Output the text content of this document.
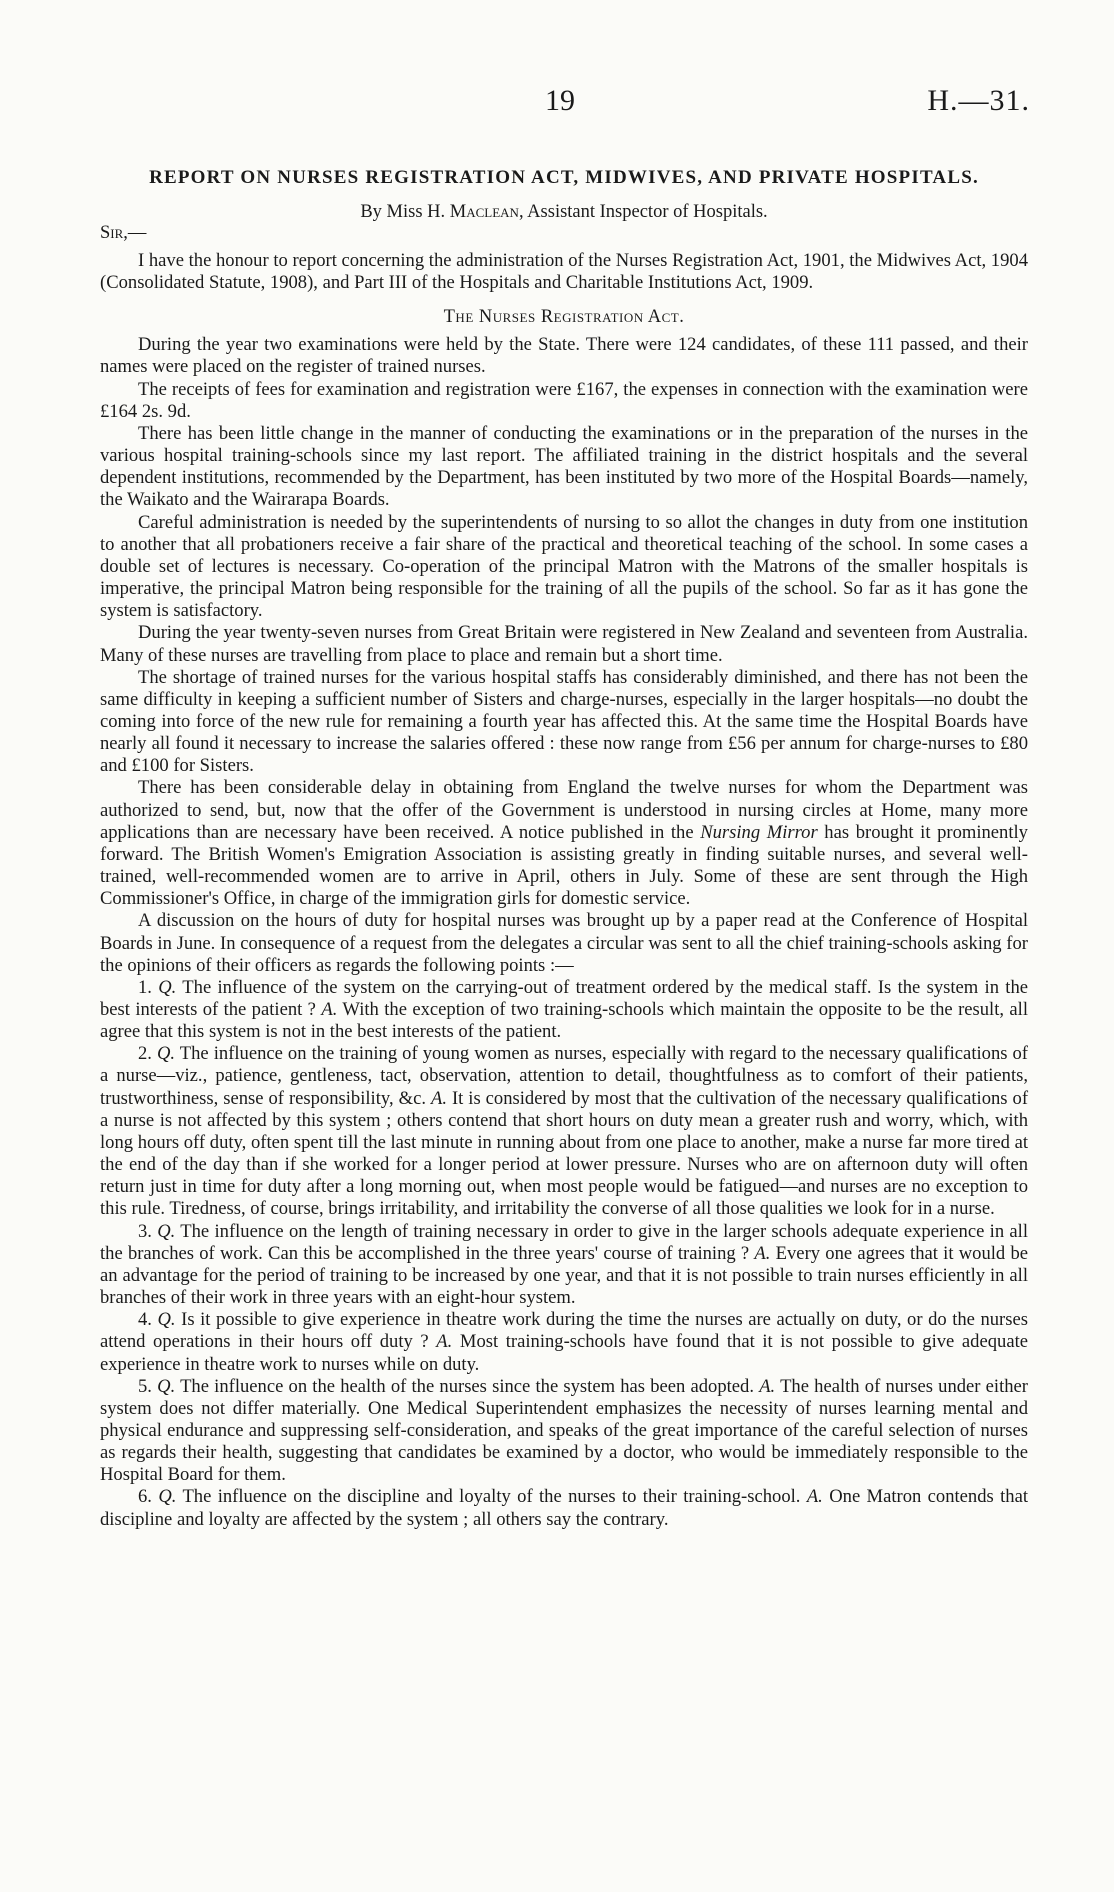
19	H.—31.
REPORT ON NURSES REGISTRATION ACT, MIDWIVES, AND PRIVATE HOSPITALS.

By Miss H. Maclean, Assistant Inspector of Hospitals.

Sir,—

I have the honour to report concerning the administration of the Nurses Registration Act, 1901, the Midwives Act, 1904 (Consolidated Statute, 1908), and Part III of the Hospitals and Charitable Institutions Act, 1909.

The Nurses Registration Act.

During the year two examinations were held by the State. There were 124 candidates, of these 111 passed, and their names were placed on the register of trained nurses.

The receipts of fees for examination and registration were £167, the expenses in connection with the examination were £164 2s. 9d.

There has been little change in the manner of conducting the examinations or in the preparation of the nurses in the various hospital training-schools since my last report. The affiliated training in the district hospitals and the several dependent institutions, recommended by the Department, has been instituted by two more of the Hospital Boards—namely, the Waikato and the Wairarapa Boards.

Careful administration is needed by the superintendents of nursing to so allot the changes in duty from one institution to another that all probationers receive a fair share of the practical and theoretical teaching of the school. In some cases a double set of lectures is necessary. Co-operation of the principal Matron with the Matrons of the smaller hospitals is imperative, the principal Matron being responsible for the training of all the pupils of the school. So far as it has gone the system is satisfactory.

During the year twenty-seven nurses from Great Britain were registered in New Zealand and seventeen from Australia. Many of these nurses are travelling from place to place and remain but a short time.

The shortage of trained nurses for the various hospital staffs has considerably diminished, and there has not been the same difficulty in keeping a sufficient number of Sisters and charge-nurses, especially in the larger hospitals—no doubt the coming into force of the new rule for remaining a fourth year has affected this. At the same time the Hospital Boards have nearly all found it necessary to increase the salaries offered : these now range from £56 per annum for charge-nurses to £80 and £100 for Sisters.

There has been considerable delay in obtaining from England the twelve nurses for whom the Department was authorized to send, but, now that the offer of the Government is understood in nursing circles at Home, many more applications than are necessary have been received. A notice published in the Nursing Mirror has brought it prominently forward. The British Women's Emigration Association is assisting greatly in finding suitable nurses, and several well-trained, well-recommended women are to arrive in April, others in July. Some of these are sent through the High Commissioner's Office, in charge of the immigration girls for domestic service.

A discussion on the hours of duty for hospital nurses was brought up by a paper read at the Conference of Hospital Boards in June. In consequence of a request from the delegates a circular was sent to all the chief training-schools asking for the opinions of their officers as regards the following points :—

1. Q. The influence of the system on the carrying-out of treatment ordered by the medical staff. Is the system in the best interests of the patient ? A. With the exception of two training-schools which maintain the opposite to be the result, all agree that this system is not in the best interests of the patient.

2. Q. The influence on the training of young women as nurses, especially with regard to the necessary qualifications of a nurse—viz., patience, gentleness, tact, observation, attention to detail, thoughtfulness as to comfort of their patients, trustworthiness, sense of responsibility, &c. A. It is considered by most that the cultivation of the necessary qualifications of a nurse is not affected by this system ; others contend that short hours on duty mean a greater rush and worry, which, with long hours off duty, often spent till the last minute in running about from one place to another, make a nurse far more tired at the end of the day than if she worked for a longer period at lower pressure. Nurses who are on afternoon duty will often return just in time for duty after a long morning out, when most people would be fatigued—and nurses are no exception to this rule. Tiredness, of course, brings irritability, and irritability the converse of all those qualities we look for in a nurse.

3. Q. The influence on the length of training necessary in order to give in the larger schools adequate experience in all the branches of work. Can this be accomplished in the three years' course of training ? A. Every one agrees that it would be an advantage for the period of training to be increased by one year, and that it is not possible to train nurses efficiently in all branches of their work in three years with an eight-hour system.

4. Q. Is it possible to give experience in theatre work during the time the nurses are actually on duty, or do the nurses attend operations in their hours off duty ? A. Most training-schools have found that it is not possible to give adequate experience in theatre work to nurses while on duty.

5. Q. The influence on the health of the nurses since the system has been adopted. A. The health of nurses under either system does not differ materially. One Medical Superintendent emphasizes the necessity of nurses learning mental and physical endurance and suppressing self-consideration, and speaks of the great importance of the careful selection of nurses as regards their health, suggesting that candidates be examined by a doctor, who would be immediately responsible to the Hospital Board for them.

6. Q. The influence on the discipline and loyalty of the nurses to their training-school. A. One Matron contends that discipline and loyalty are affected by the system ; all others say the contrary.
